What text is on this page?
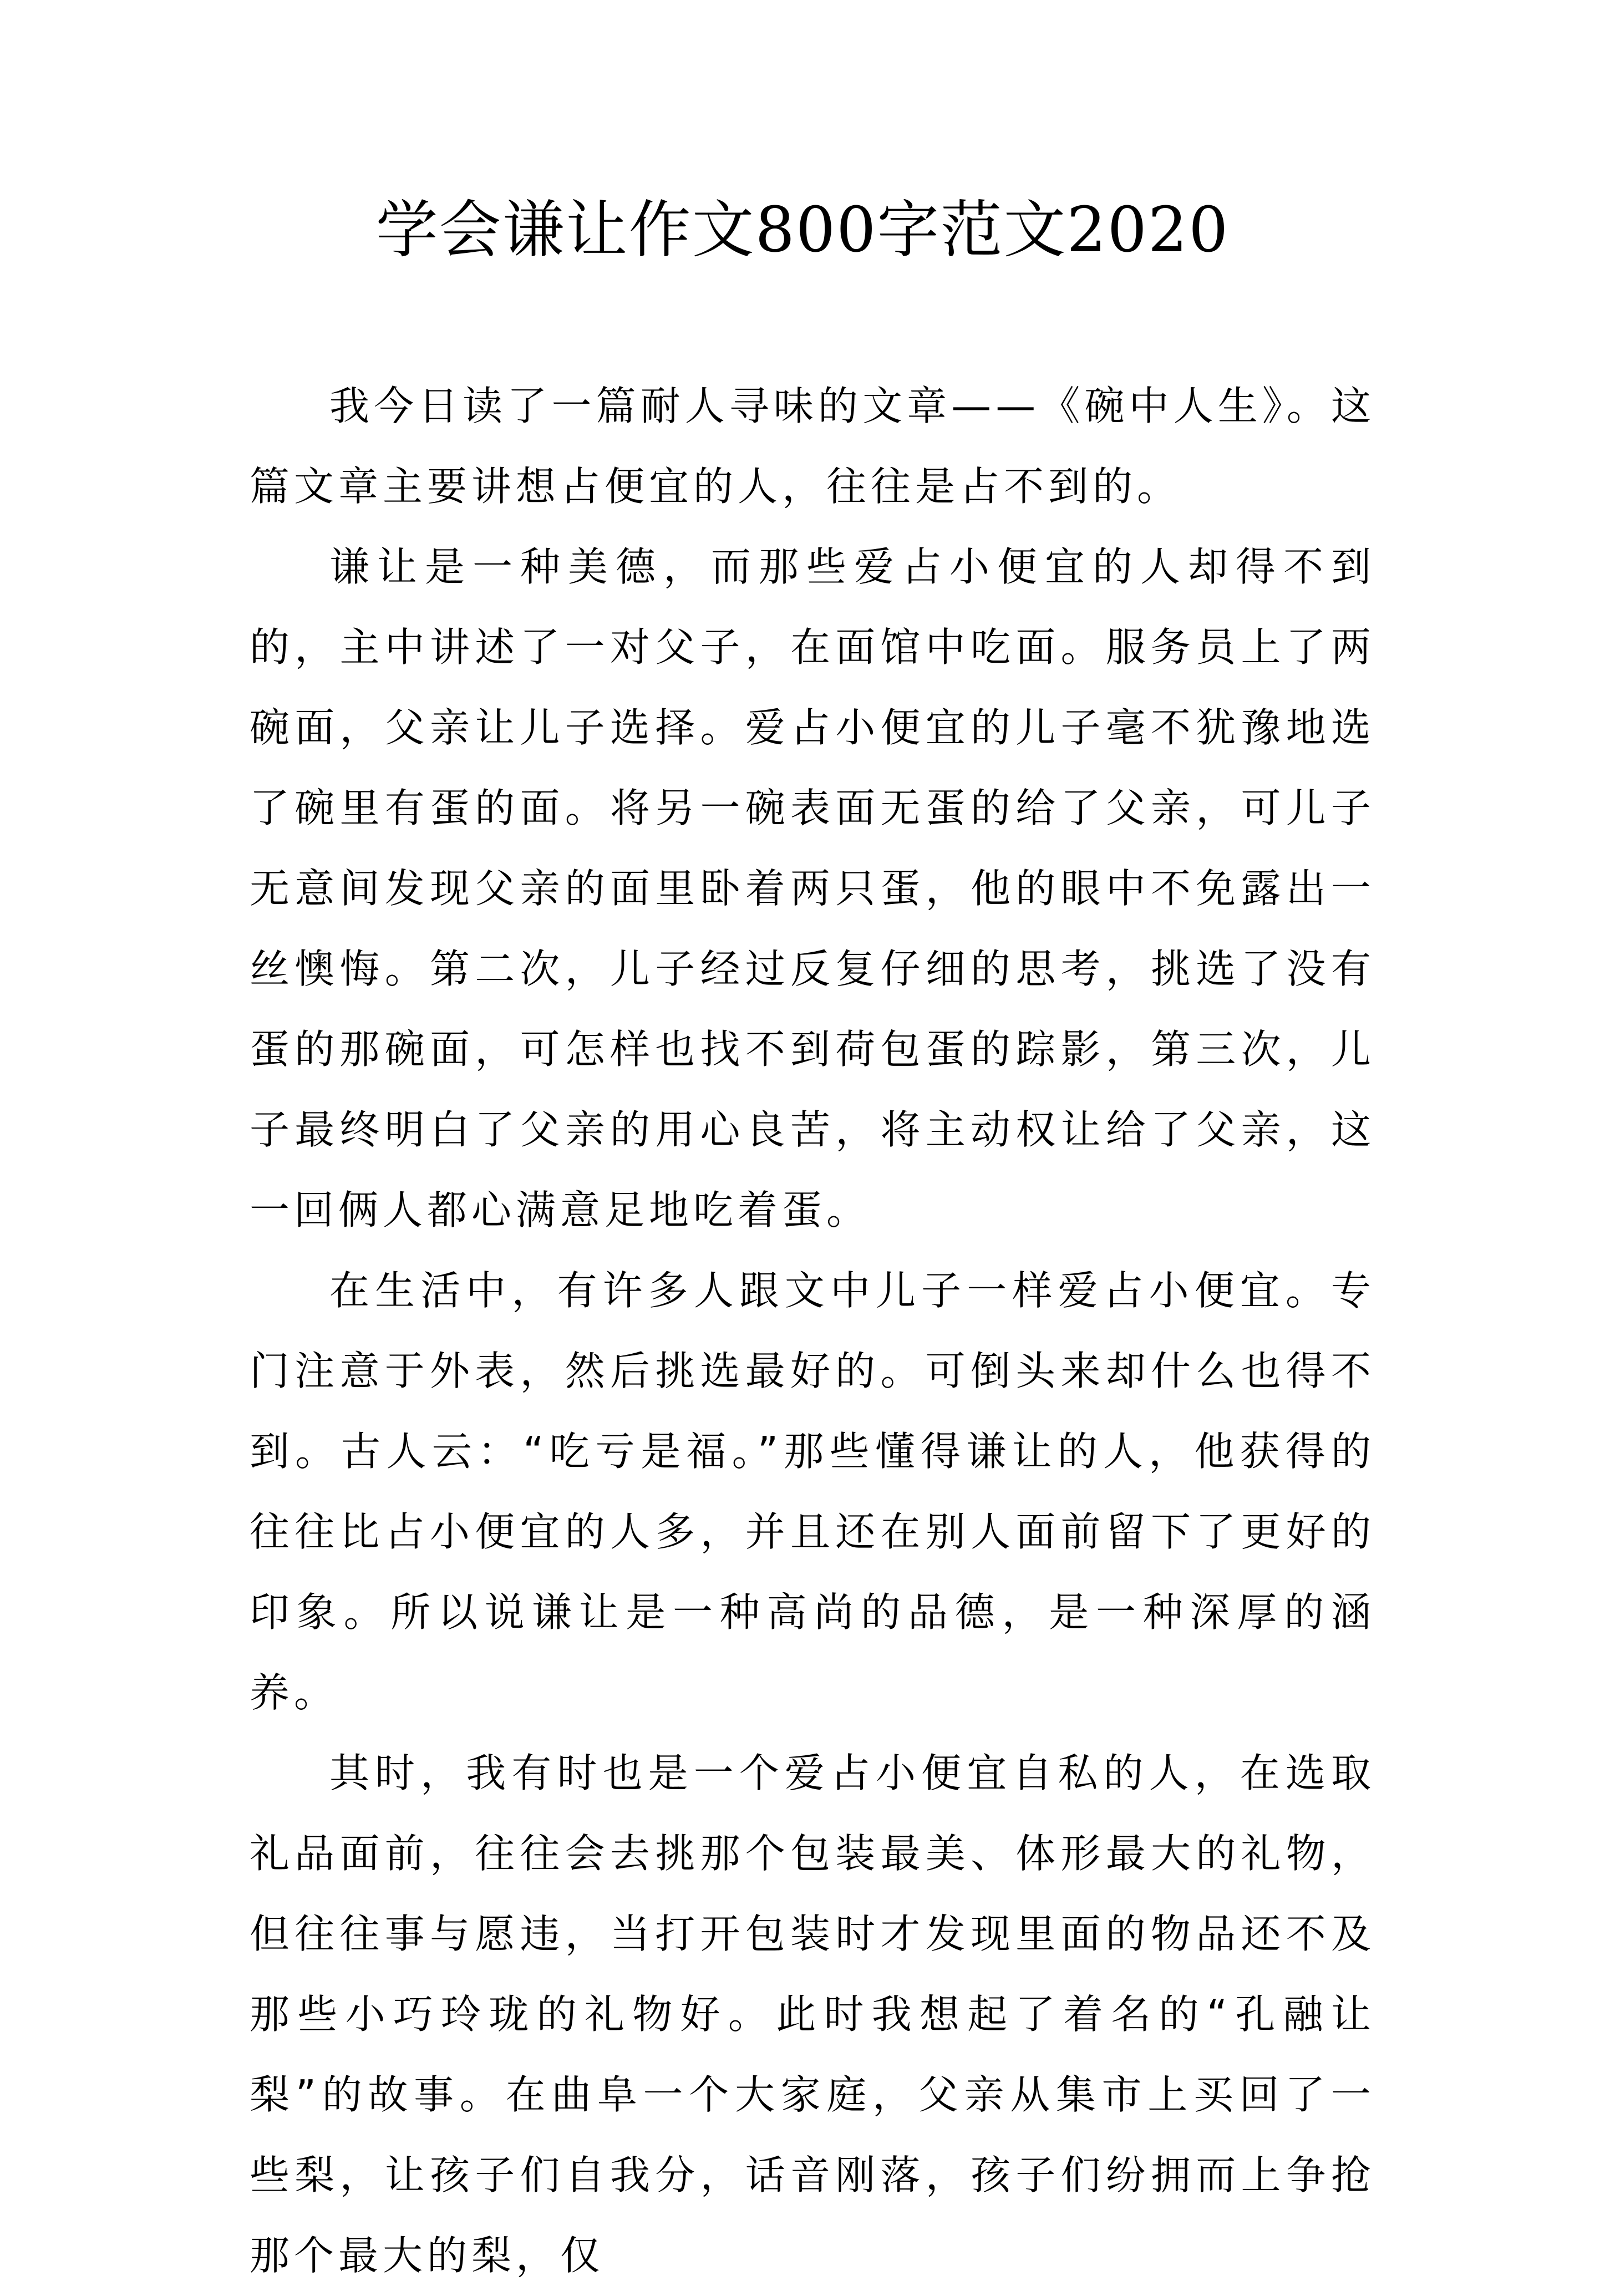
学会谦让作文800字范文2020

我今日读了一篇耐人寻味的文章——《碗中人生》。这篇文章主要讲想占便宜的人，往往是占不到的。

谦让是一种美德，而那些爱占小便宜的人却得不到的，主中讲述了一对父子，在面馆中吃面。服务员上了两碗面，父亲让儿子选择。爱占小便宜的儿子毫不犹豫地选了碗里有蛋的面。将另一碗表面无蛋的给了父亲，可儿子无意间发现父亲的面里卧着两只蛋，他的眼中不免露出一丝懊悔。第二次，儿子经过反复仔细的思考，挑选了没有蛋的那碗面，可怎样也找不到荷包蛋的踪影，第三次，儿子最终明白了父亲的用心良苦，将主动权让给了父亲，这一回俩人都心满意足地吃着蛋。

在生活中，有许多人跟文中儿子一样爱占小便宜。专门注意于外表，然后挑选最好的。可倒头来却什么也得不到。古人云：“吃亏是福。”那些懂得谦让的人，他获得的往往比占小便宜的人多，并且还在别人面前留下了更好的印象。所以说谦让是一种高尚的品德，是一种深厚的涵养。

其时，我有时也是一个爱占小便宜自私的人，在选取礼品面前，往往会去挑那个包装最美、体形最大的礼物，但往往事与愿违，当打开包装时才发现里面的物品还不及那些小巧玲珑的礼物好。此时我想起了着名的“孔融让梨”的故事。在曲阜一个大家庭，父亲从集市上买回了一些梨，让孩子们自我分，话音刚落，孩子们纷拥而上争抢那个最大的梨，仅
